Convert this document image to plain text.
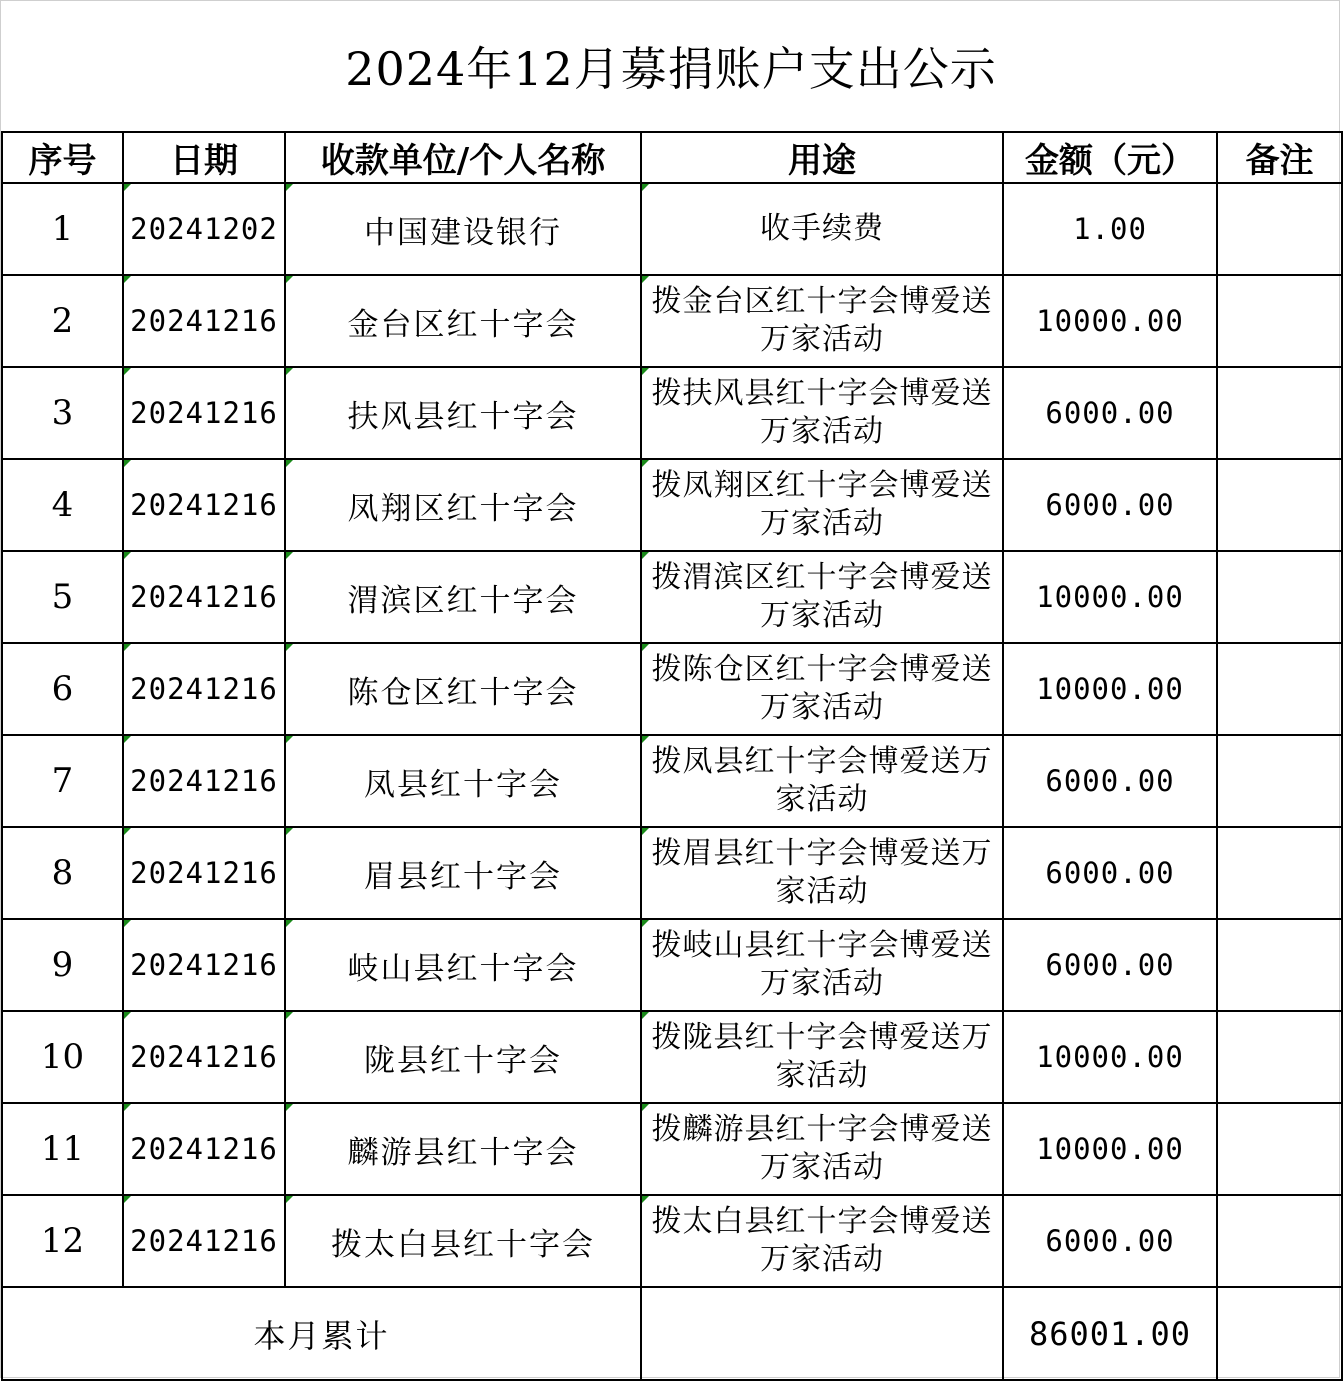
2024年12月募捐账户支出公示
序号	日期	收款单位/个人名称	用途	金额（元）	备注
1	20241202	中国建设银行	收手续费	1.00	
2	20241216	金台区红十字会	拨金台区红十字会博爱送万家活动	10000.00	
3	20241216	扶风县红十字会	拨扶风县红十字会博爱送万家活动	6000.00	
4	20241216	凤翔区红十字会	拨凤翔区红十字会博爱送万家活动	6000.00	
5	20241216	渭滨区红十字会	拨渭滨区红十字会博爱送万家活动	10000.00	
6	20241216	陈仓区红十字会	拨陈仓区红十字会博爱送万家活动	10000.00	
7	20241216	凤县红十字会	拨凤县红十字会博爱送万家活动	6000.00	
8	20241216	眉县红十字会	拨眉县红十字会博爱送万家活动	6000.00	
9	20241216	岐山县红十字会	拨岐山县红十字会博爱送万家活动	6000.00	
10	20241216	陇县红十字会	拨陇县红十字会博爱送万家活动	10000.00	
11	20241216	麟游县红十字会	拨麟游县红十字会博爱送万家活动	10000.00	
12	20241216	拨太白县红十字会	拨太白县红十字会博爱送万家活动	6000.00	
本月累计				86001.00	
